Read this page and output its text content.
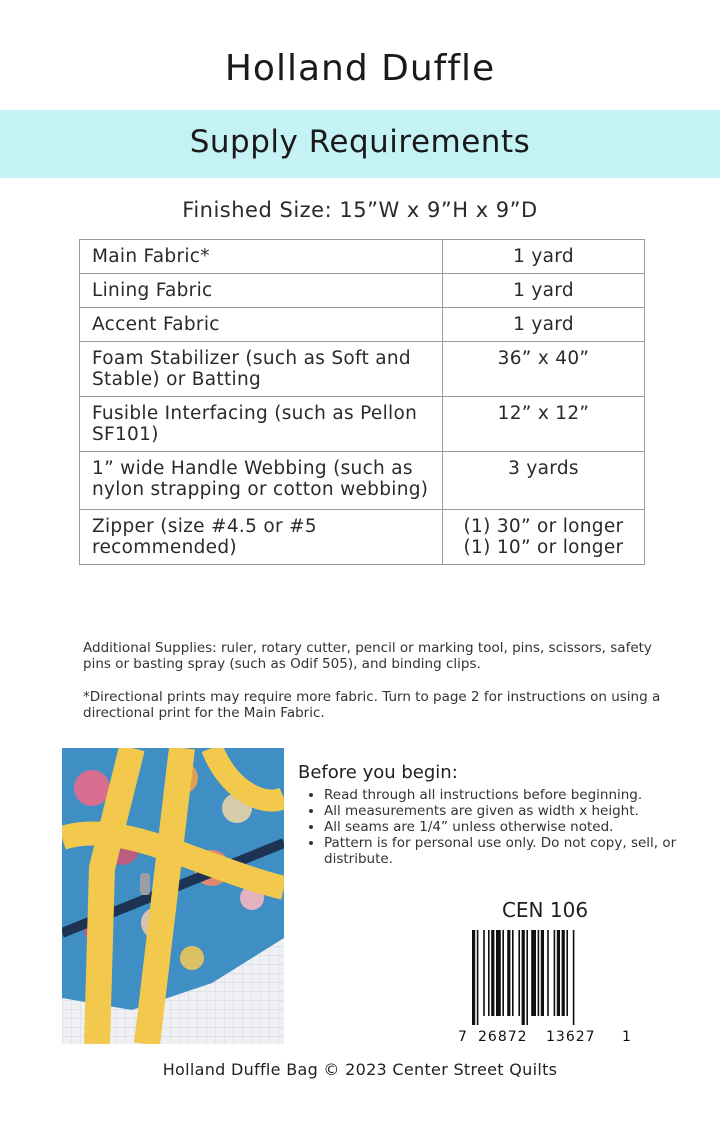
Holland Duffle
Supply Requirements
Finished Size: 15”W x 9”H x 9”D
Main Fabric*	1 yard
Lining Fabric	1 yard
Accent Fabric	1 yard
Foam Stabilizer (such as Soft and Stable) or Batting	36” x 40”
Fusible Interfacing (such as Pellon SF101)	12” x 12”
1” wide Handle Webbing (such as nylon strapping or cotton webbing)	3 yards
Zipper (size #4.5 or #5 recommended)	(1) 30” or longer
(1) 10” or longer
Additional Supplies: ruler, rotary cutter, pencil or marking tool, pins, scissors, safety pins or basting spray (such as Odif 505), and binding clips.
*Directional prints may require more fabric. Turn to page 2 for instructions on using a directional print for the Main Fabric.
Before you begin:
• Read through all instructions before beginning.
• All measurements are given as width x height.
• All seams are 1/4” unless otherwise noted.
• Pattern is for personal use only. Do not copy, sell, or distribute.
CEN 106
7 26872 13627 1
Holland Duffle Bag © 2023 Center Street Quilts
